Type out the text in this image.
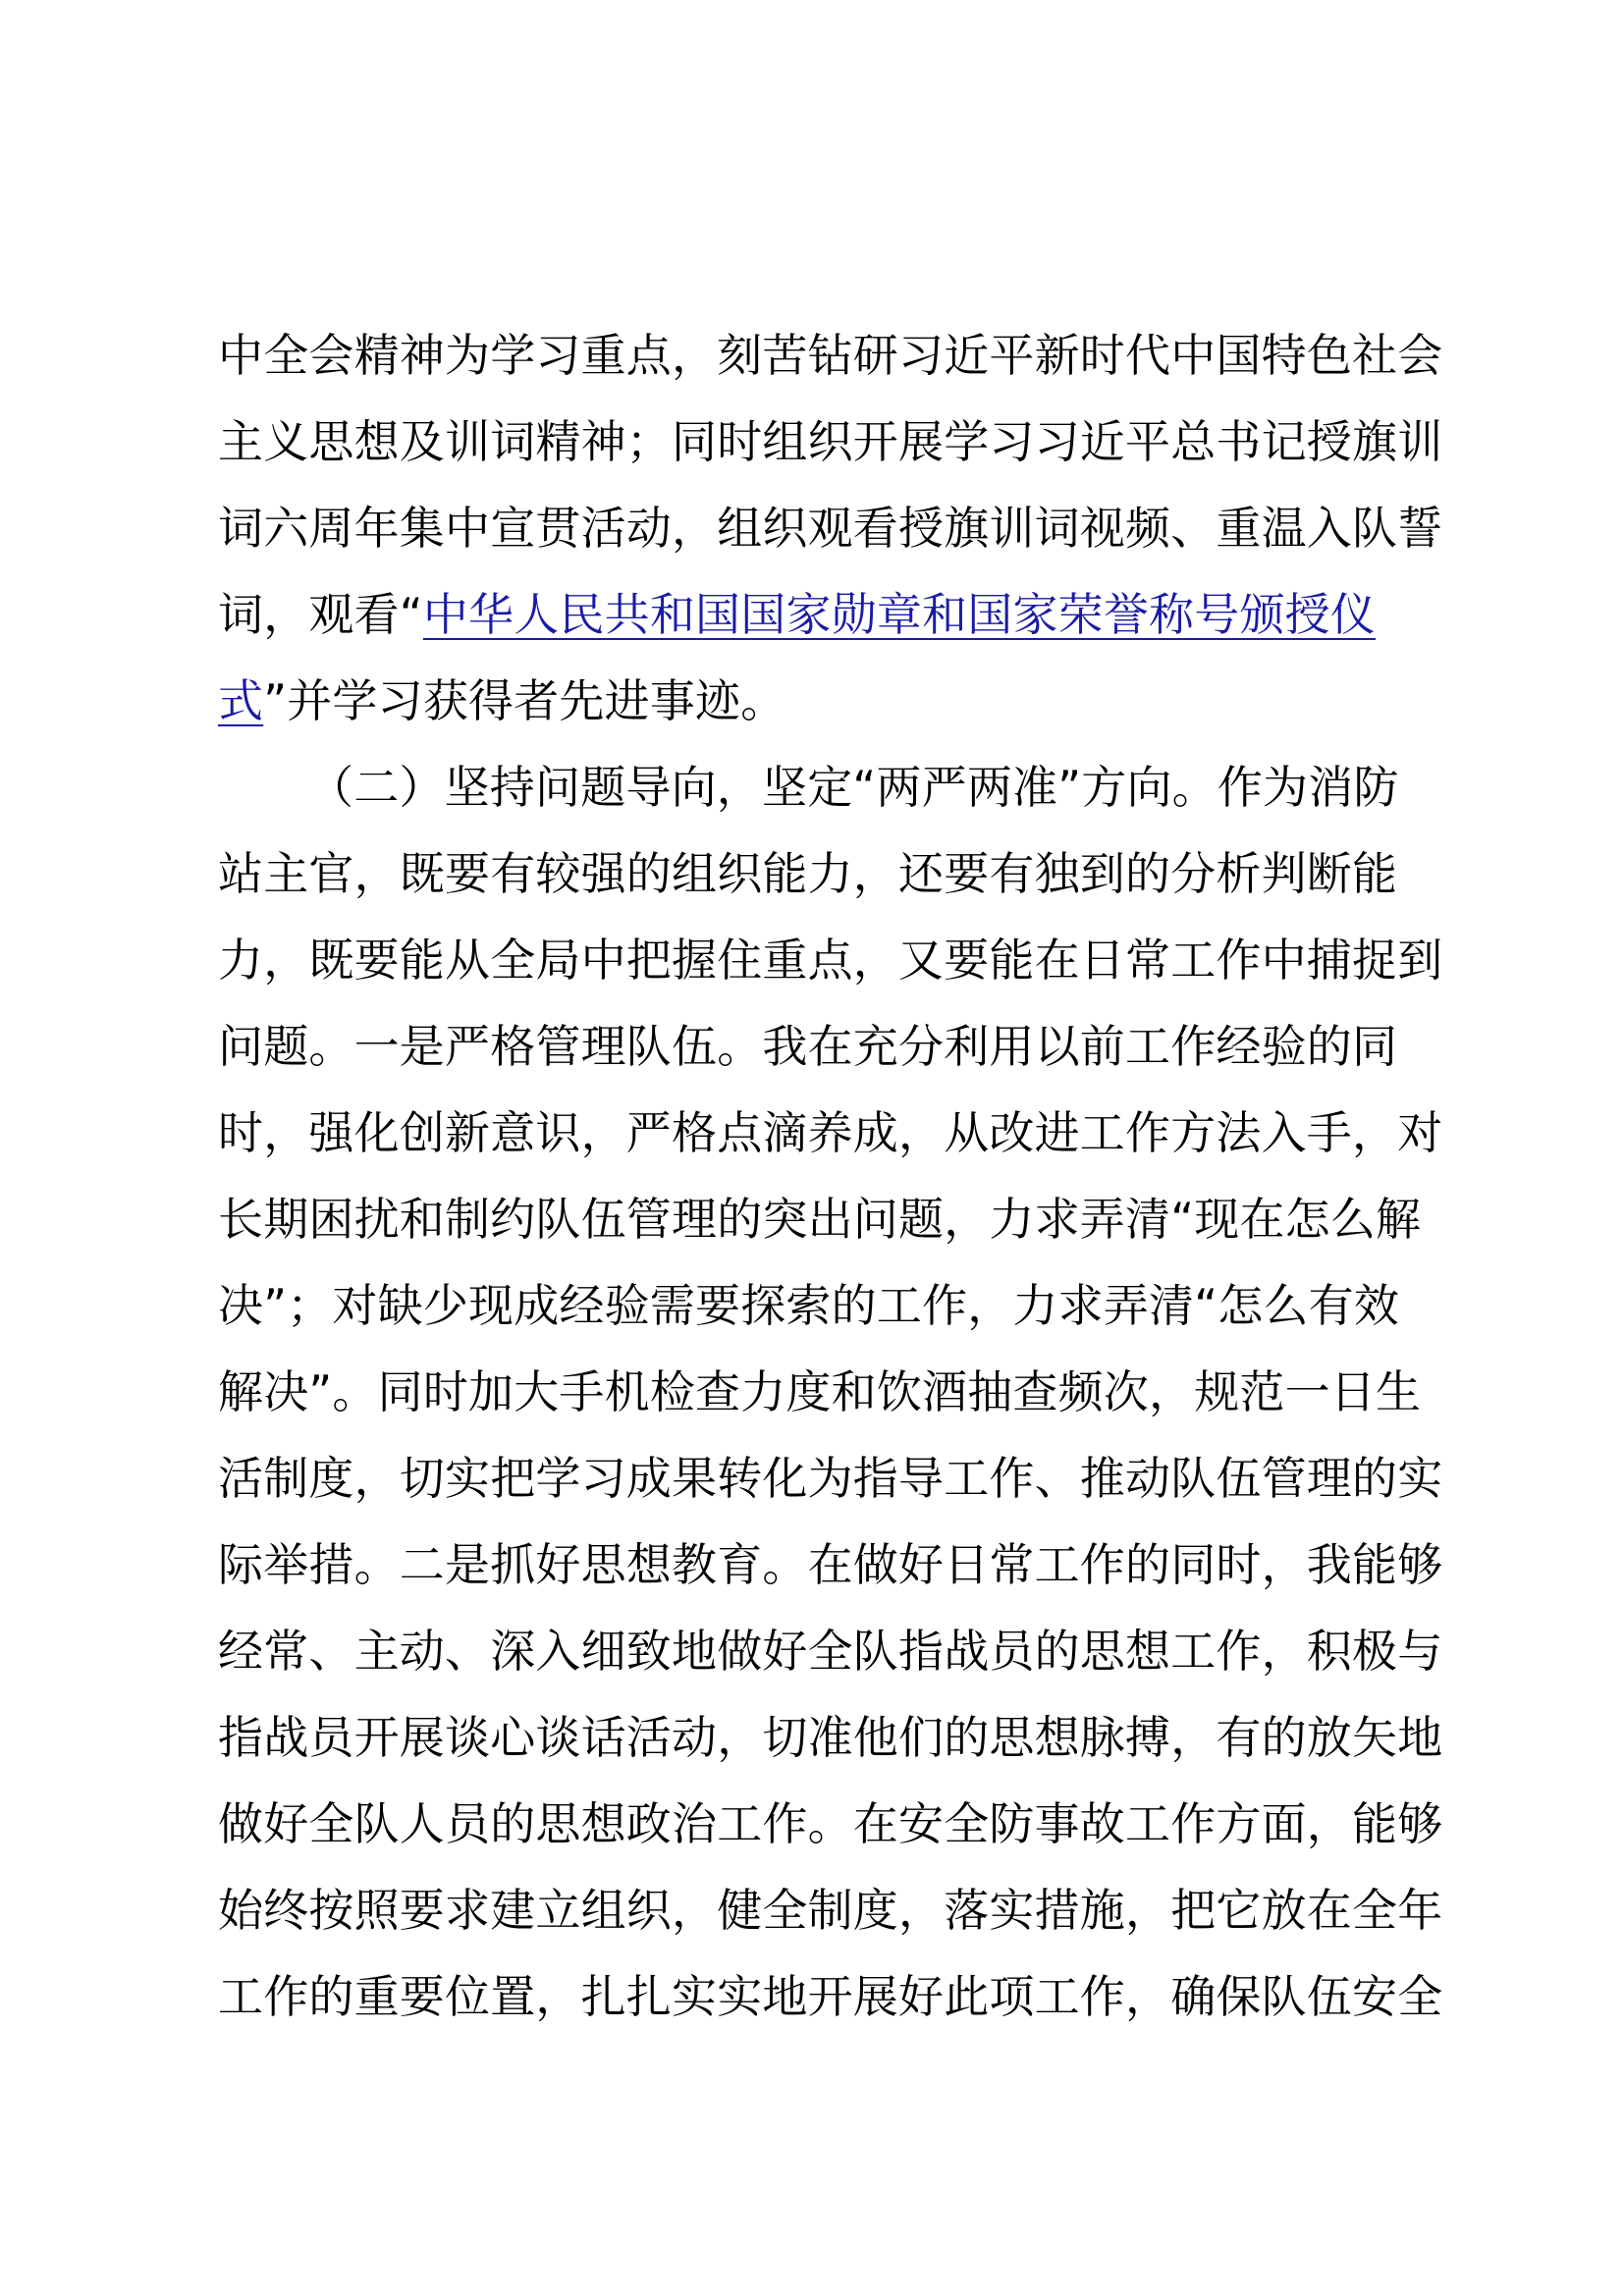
中全会精神为学习重点，刻苦钻研习近平新时代中国特色社会
主义思想及训词精神；同时组织开展学习习近平总书记授旗训
词六周年集中宣贯活动，组织观看授旗训词视频、重温入队誓
词，观看“中华人民共和国国家勋章和国家荣誉称号颁授仪
式”并学习获得者先进事迹。
（二）坚持问题导向，坚定“两严两准”方向。作为消防
站主官，既要有较强的组织能力，还要有独到的分析判断能
力，既要能从全局中把握住重点，又要能在日常工作中捕捉到
问题。一是严格管理队伍。我在充分利用以前工作经验的同
时，强化创新意识，严格点滴养成，从改进工作方法入手，对
长期困扰和制约队伍管理的突出问题，力求弄清“现在怎么解
决”；对缺少现成经验需要探索的工作，力求弄清“怎么有效
解决”。同时加大手机检查力度和饮酒抽查频次，规范一日生
活制度，切实把学习成果转化为指导工作、推动队伍管理的实
际举措。二是抓好思想教育。在做好日常工作的同时，我能够
经常、主动、深入细致地做好全队指战员的思想工作，积极与
指战员开展谈心谈话活动，切准他们的思想脉搏，有的放矢地
做好全队人员的思想政治工作。在安全防事故工作方面，能够
始终按照要求建立组织，健全制度，落实措施，把它放在全年
工作的重要位置，扎扎实实地开展好此项工作，确保队伍安全
